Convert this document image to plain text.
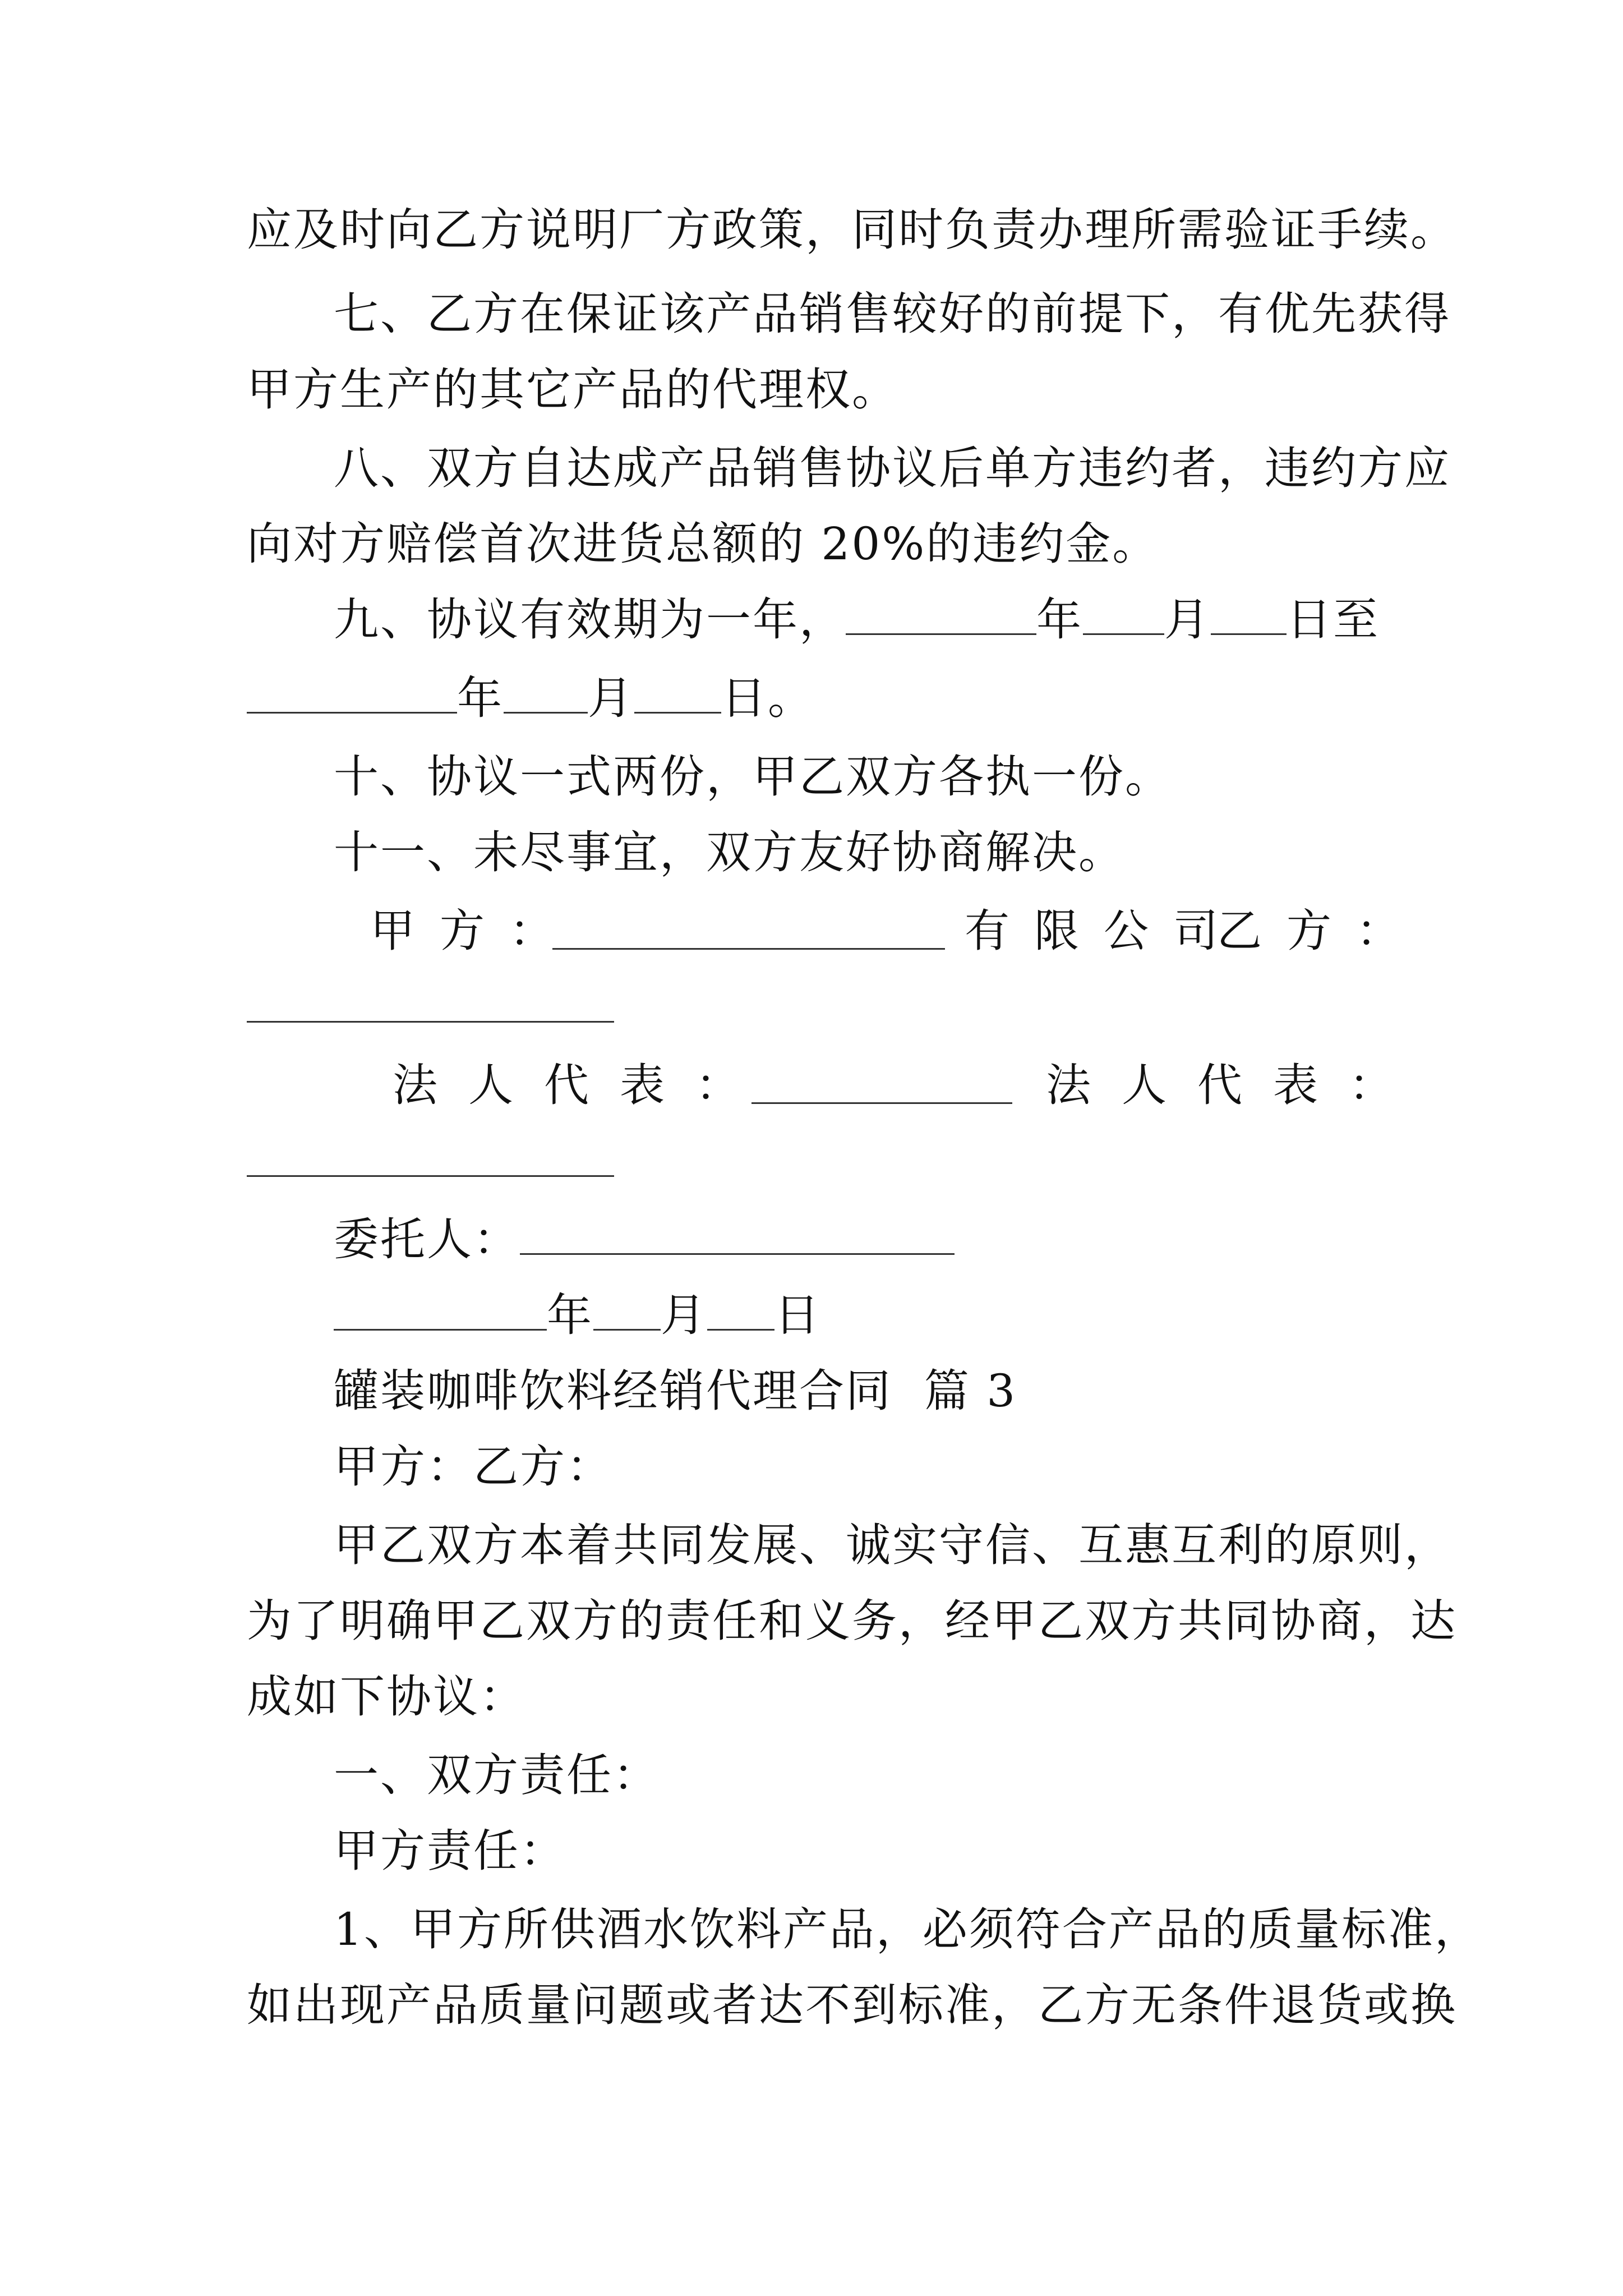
应及时向乙方说明厂方政策，同时负责办理所需验证手续。
七、乙方在保证该产品销售较好的前提下，有优先获得
甲方生产的其它产品的代理权。
八、双方自达成产品销售协议后单方违约者，违约方应
向对方赔偿首次进货总额的 20%的违约金。
九、协议有效期为一年，	年 月 日至
年 月 日。
十、协议一式两份，甲乙双方各执一份。
十一、未尽事宜，双方友好协商解决。
甲方：	有限公司
乙方：
法人代表：	法人代表：
委托人：
年 月 日
罐装咖啡饮料经销代理合同  篇 3
甲方：乙方：
甲乙双方本着共同发展、诚实守信、互惠互利的原则，
为了明确甲乙双方的责任和义务，经甲乙双方共同协商，达
成如下协议：
一、双方责任：
甲方责任：
1、甲方所供酒水饮料产品，必须符合产品的质量标准，
如出现产品质量问题或者达不到标准，乙方无条件退货或换
